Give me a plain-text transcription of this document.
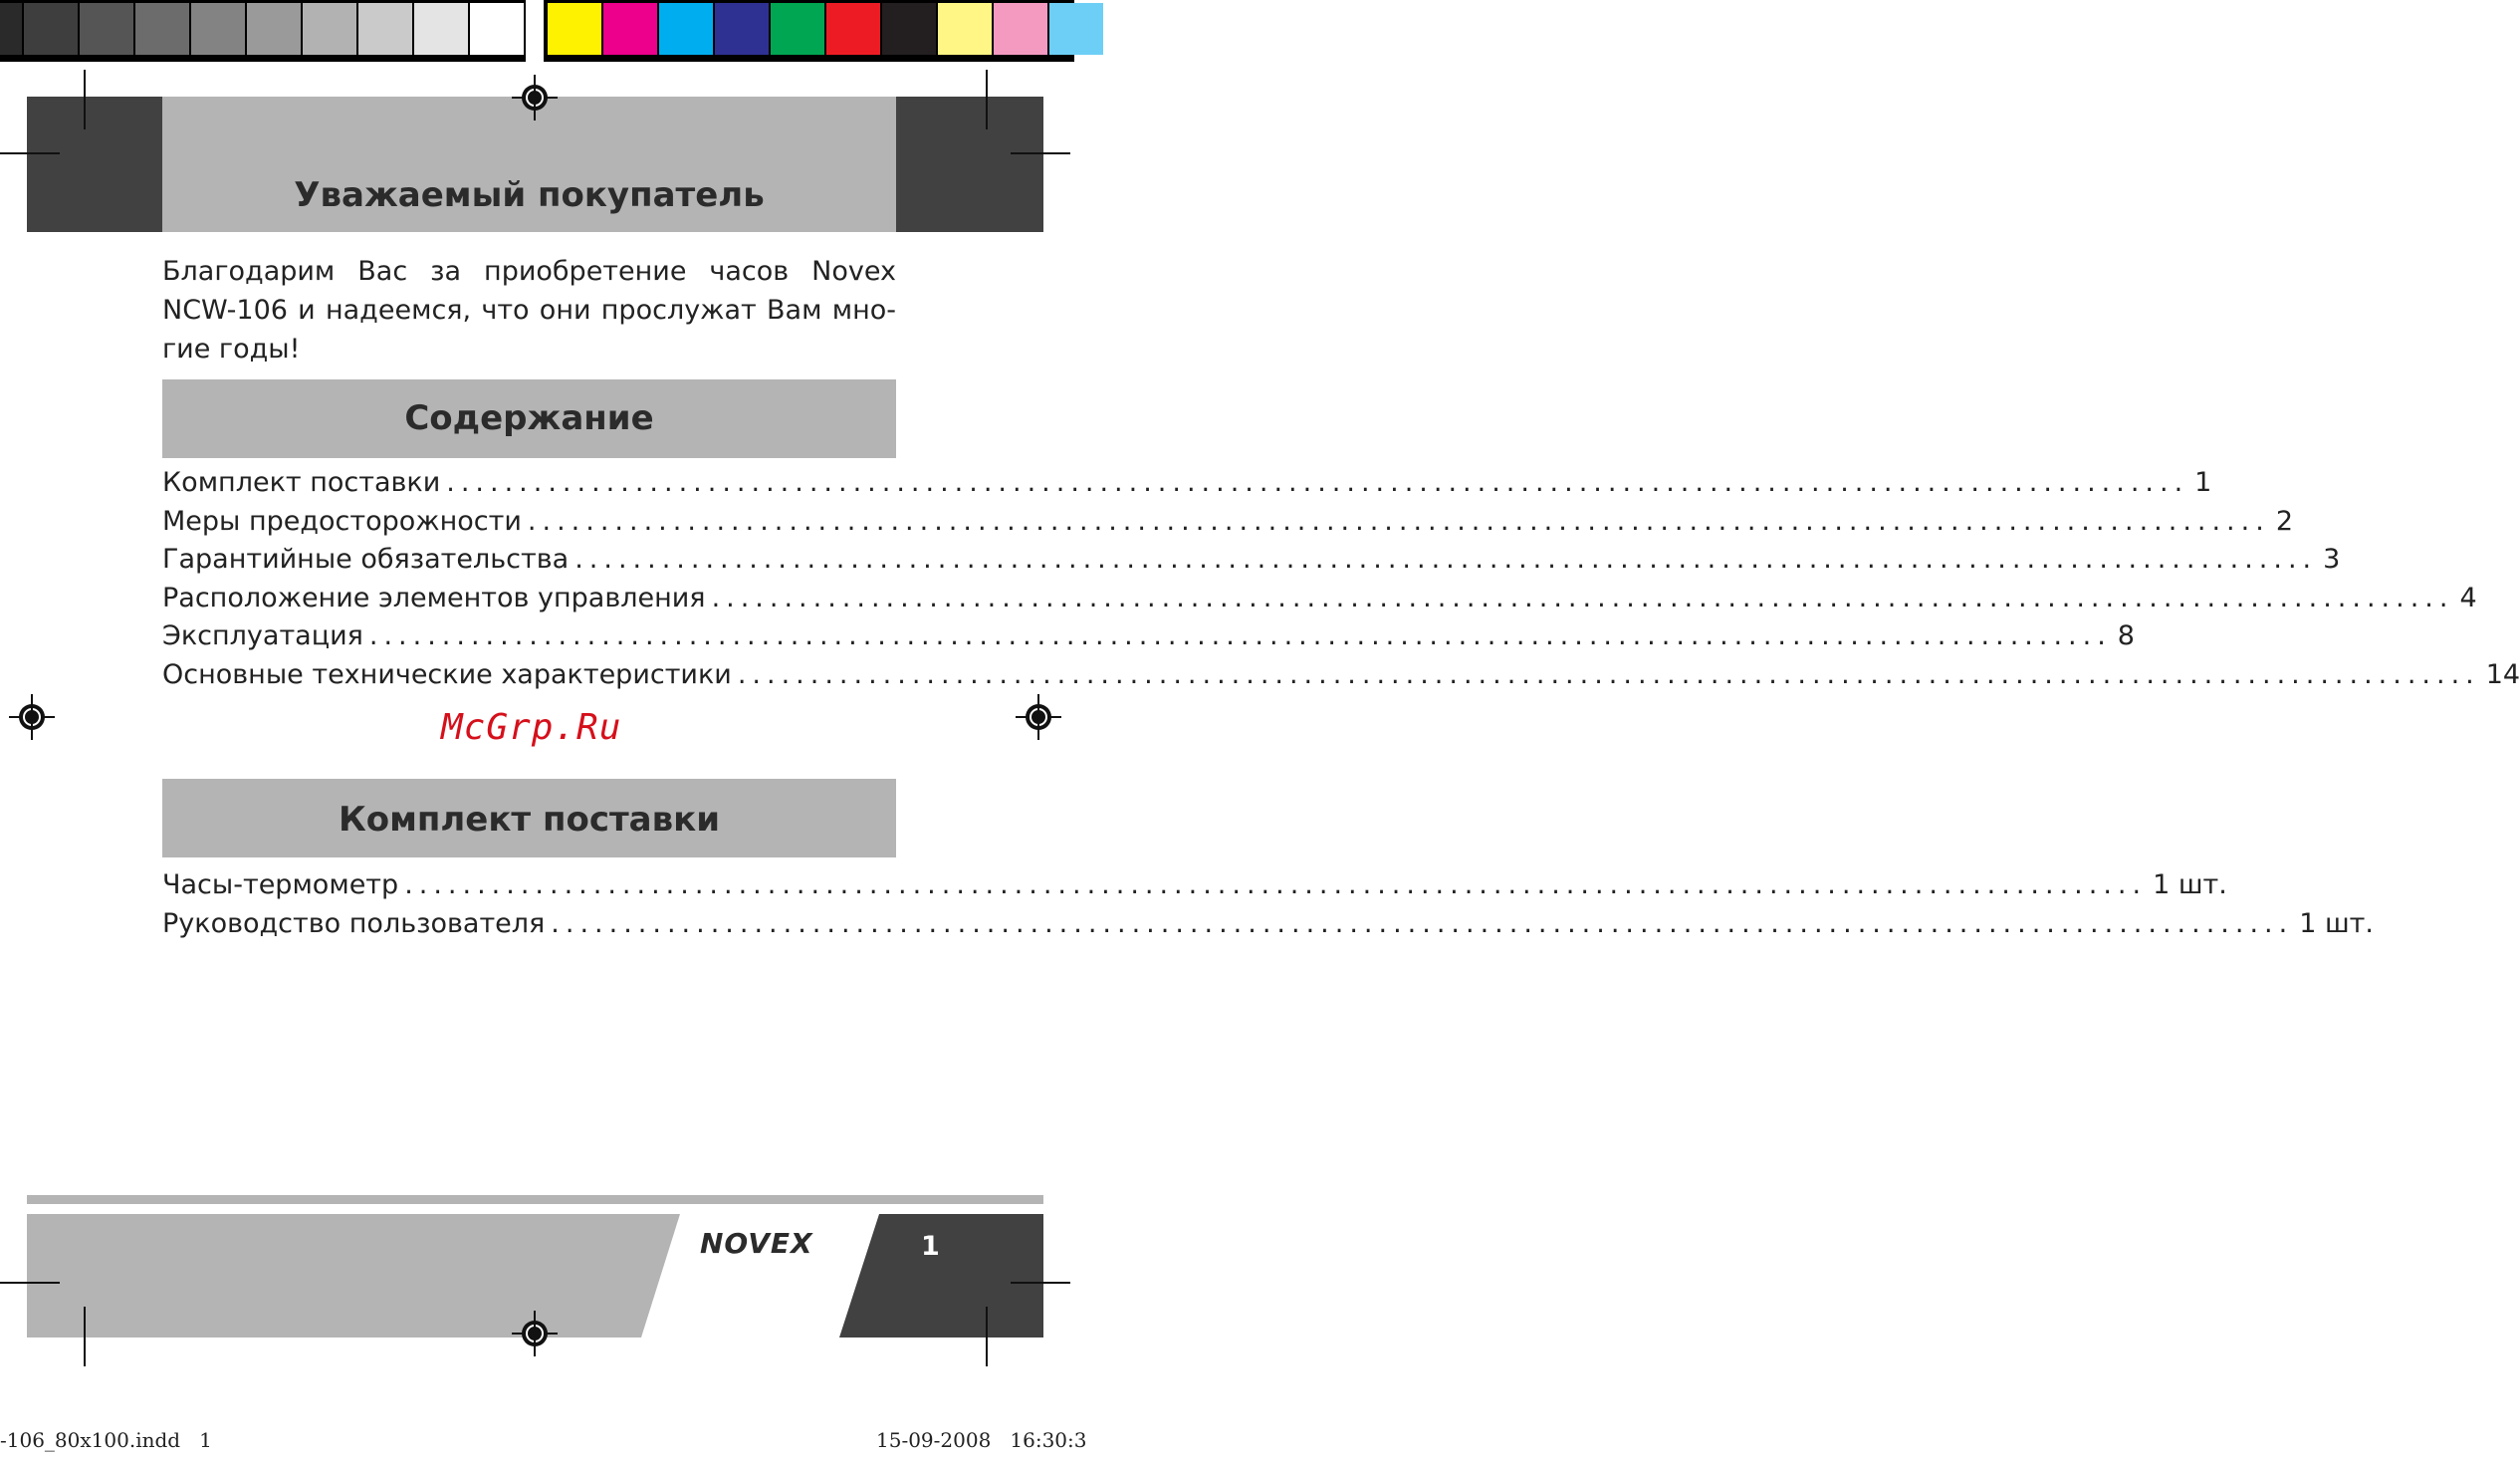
Уважаемый покупатель
Благодарим Вас за приобретение часов Novex NCW-106 и надеемся, что они прослужат Вам мно-гие годы!
Содержание
Комплект поставки ........................................................................................................................ 1
Меры предосторожности ........................................................................................................................ 2
Гарантийные обязательства ........................................................................................................................ 3
Расположение элементов управления ........................................................................................................................ 4
Эксплуатация ........................................................................................................................ 8
Основные технические характеристики ........................................................................................................................ 14
McGrp.Ru
Комплект поставки
Часы-термометр ........................................................................................................................ 1 шт.
Руководство пользователя ........................................................................................................................ 1 шт.
NOVEX	1
-106_80x100.indd   1	15-09-2008   16:30:3
